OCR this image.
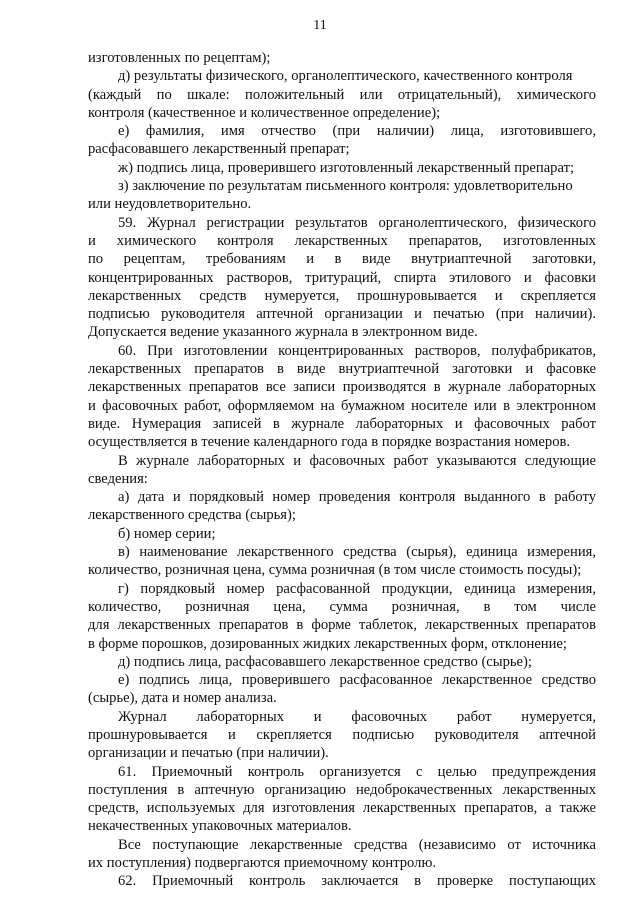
11
изготовленных по рецептам);
д) результаты физического, органолептического, качественного контроля
(каждый по шкале: положительный или отрицательный), химического
контроля (качественное и количественное определение);
е) фамилия, имя отчество (при наличии) лица, изготовившего,
расфасовавшего лекарственный препарат;
ж) подпись лица, проверившего изготовленный лекарственный препарат;
з) заключение по результатам письменного контроля: удовлетворительно
или неудовлетворительно.
59. Журнал регистрации результатов органолептического, физического
и химического контроля лекарственных препаратов, изготовленных
по рецептам, требованиям и в виде внутриаптечной заготовки,
концентрированных растворов, тритураций, спирта этилового и фасовки
лекарственных средств нумеруется, прошнуровывается и скрепляется
подписью руководителя аптечной организации и печатью (при наличии).
Допускается ведение указанного журнала в электронном виде.
60. При изготовлении концентрированных растворов, полуфабрикатов,
лекарственных препаратов в виде внутриаптечной заготовки и фасовке
лекарственных препаратов все записи производятся в журнале лабораторных
и фасовочных работ, оформляемом на бумажном носителе или в электронном
виде. Нумерация записей в журнале лабораторных и фасовочных работ
осуществляется в течение календарного года в порядке возрастания номеров.
В журнале лабораторных и фасовочных работ указываются следующие
сведения:
а) дата и порядковый номер проведения контроля выданного в работу
лекарственного средства (сырья);
б) номер серии;
в) наименование лекарственного средства (сырья), единица измерения,
количество, розничная цена, сумма розничная (в том числе стоимость посуды);
г) порядковый номер расфасованной продукции, единица измерения,
количество, розничная цена, сумма розничная, в том числе
для лекарственных препаратов в форме таблеток, лекарственных препаратов
в форме порошков, дозированных жидких лекарственных форм, отклонение;
д) подпись лица, расфасовавшего лекарственное средство (сырье);
е) подпись лица, проверившего расфасованное лекарственное средство
(сырье), дата и номер анализа.
Журнал лабораторных и фасовочных работ нумеруется,
прошнуровывается и скрепляется подписью руководителя аптечной
организации и печатью (при наличии).
61. Приемочный контроль организуется с целью предупреждения
поступления в аптечную организацию недоброкачественных лекарственных
средств, используемых для изготовления лекарственных препаратов, а также
некачественных упаковочных материалов.
Все поступающие лекарственные средства (независимо от источника
их поступления) подвергаются приемочному контролю.
62. Приемочный контроль заключается в проверке поступающих
